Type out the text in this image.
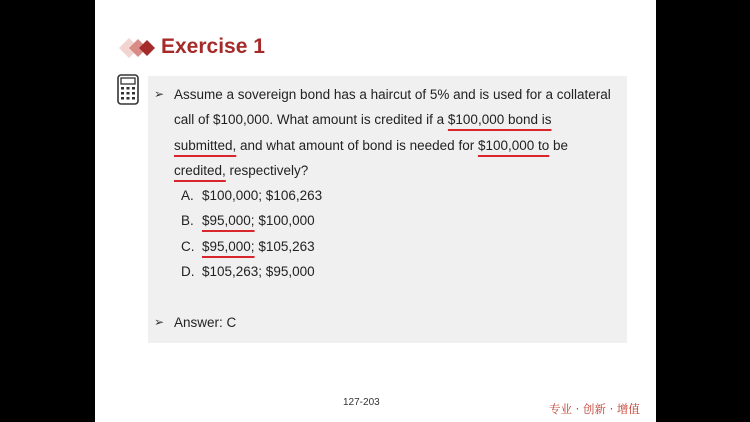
Exercise 1
➢ Assume a sovereign bond has a haircut of 5% and is used for a collateral
call of $100,000. What amount is credited if a $100,000 bond is
submitted, and what amount of bond is needed for $100,000 to be
credited, respectively?
A. $100,000; $106,263
B. $95,000; $100,000
C. $95,000; $105,263
D. $105,263; $95,000
➢ Answer: C
127-203	专业 · 创新 · 增值
